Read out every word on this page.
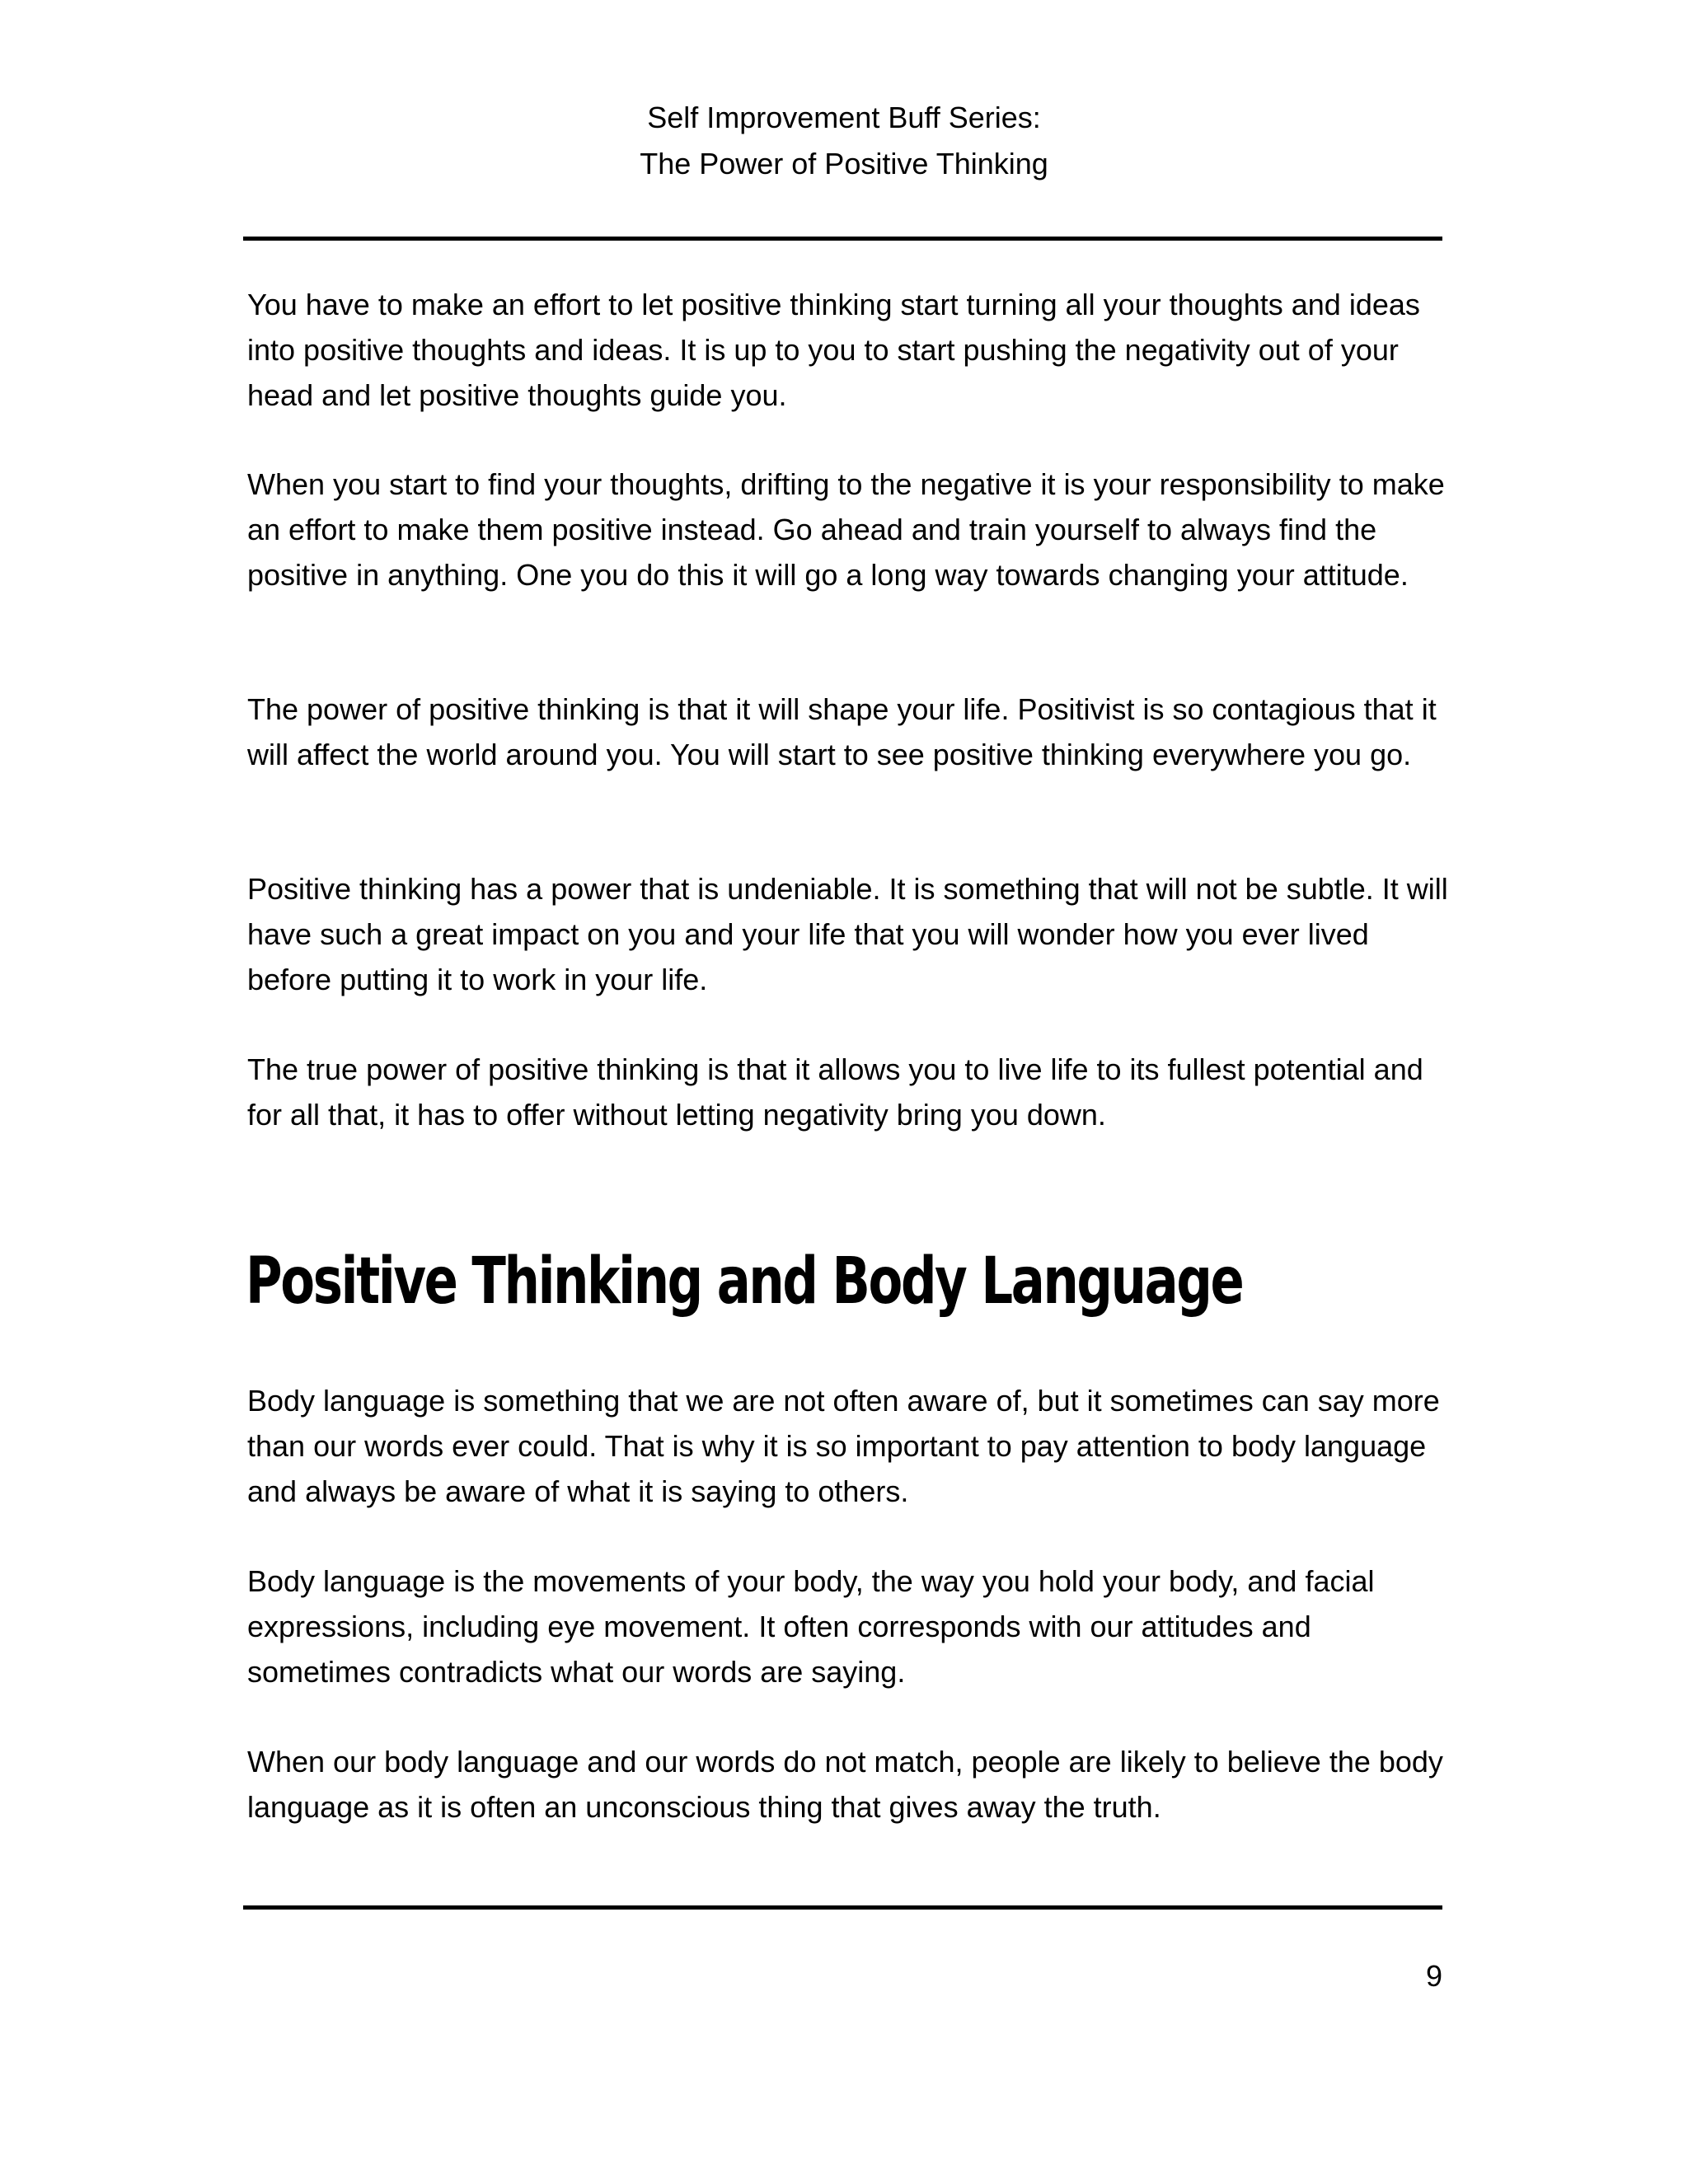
Self Improvement Buff Series:
The Power of Positive Thinking

You have to make an effort to let positive thinking start turning all your thoughts and ideas into positive thoughts and ideas. It is up to you to start pushing the negativity out of your head and let positive thoughts guide you.

When you start to find your thoughts, drifting to the negative it is your responsibility to make an effort to make them positive instead. Go ahead and train yourself to always find the positive in anything. One you do this it will go a long way towards changing your attitude.

The power of positive thinking is that it will shape your life. Positivist is so contagious that it will affect the world around you. You will start to see positive thinking everywhere you go.

Positive thinking has a power that is undeniable. It is something that will not be subtle. It will have such a great impact on you and your life that you will wonder how you ever lived before putting it to work in your life.

The true power of positive thinking is that it allows you to live life to its fullest potential and for all that, it has to offer without letting negativity bring you down.

Positive Thinking and Body Language

Body language is something that we are not often aware of, but it sometimes can say more than our words ever could. That is why it is so important to pay attention to body language and always be aware of what it is saying to others.

Body language is the movements of your body, the way you hold your body, and facial expressions, including eye movement. It often corresponds with our attitudes and sometimes contradicts what our words are saying.

When our body language and our words do not match, people are likely to believe the body language as it is often an unconscious thing that gives away the truth.

9
